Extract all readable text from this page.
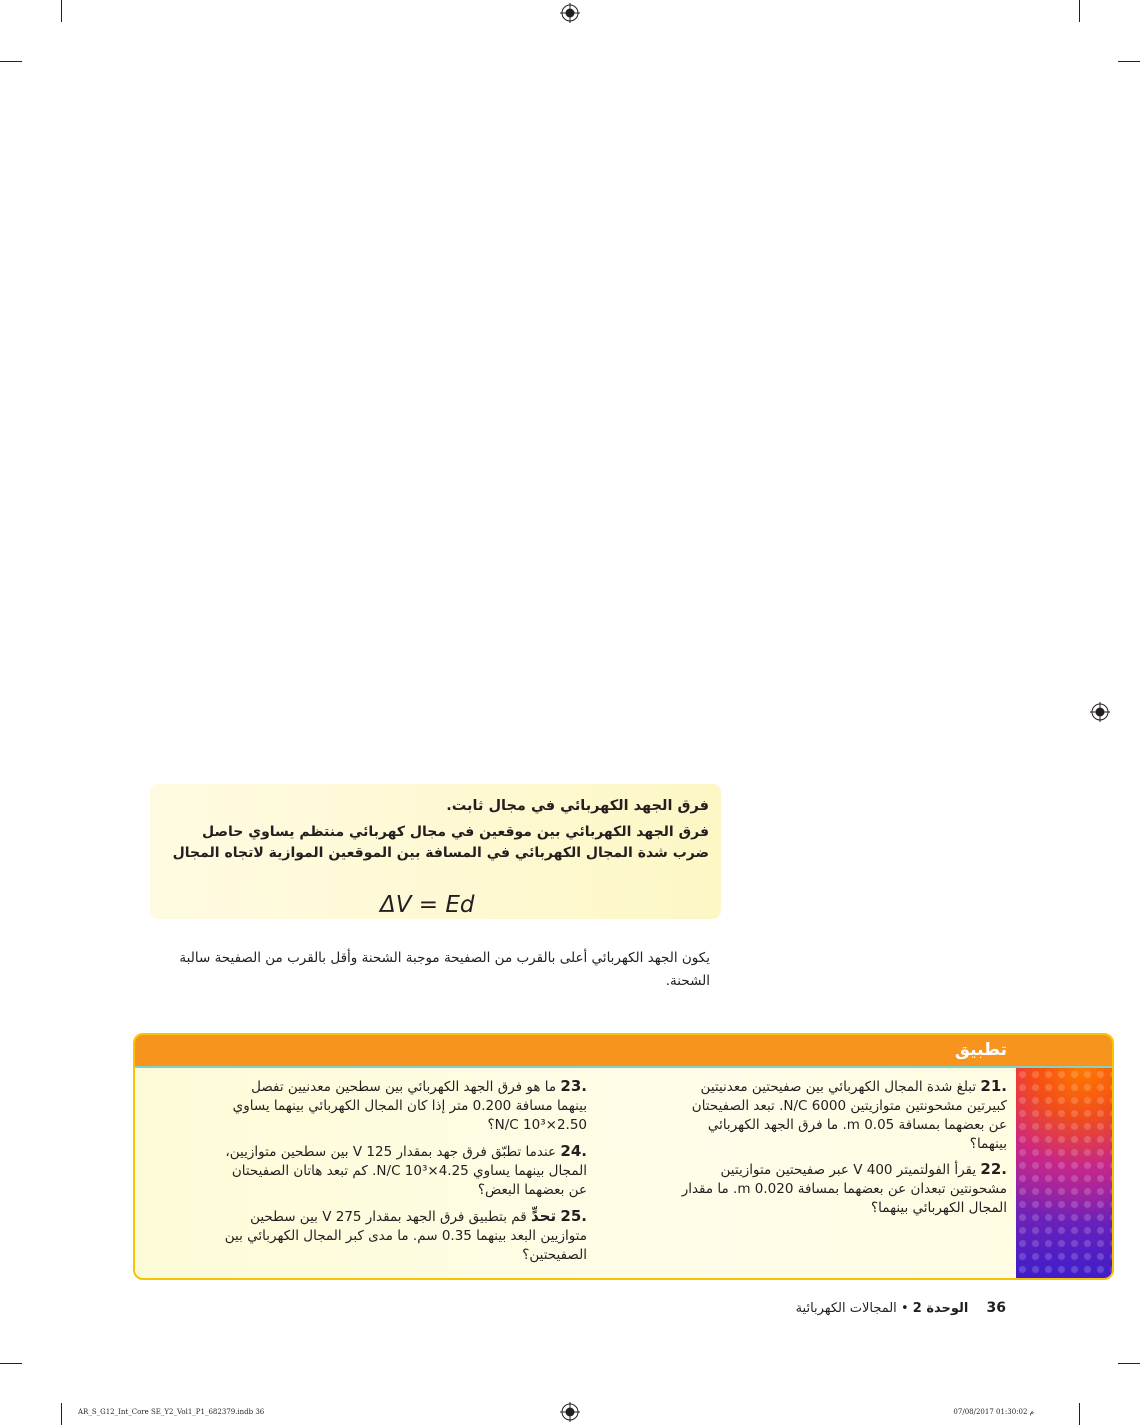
فرق الجهد الكهربائي في مجال ثابت.
فرق الجهد الكهربائي بين موقعين في مجال كهربائي منتظم يساوي حاصل ضرب شدة المجال الكهربائي في المسافة بين الموقعين الموازية لاتجاه المجال
ΔV = Ed
يكون الجهد الكهربائي أعلى بالقرب من الصفيحة موجبة الشحنة وأقل بالقرب من الصفيحة سالبة الشحنة.
تطبيق
.21 تبلغ شدة المجال الكهربائي بين صفيحتين معدنيتين كبيرتين مشحونتين متوازيتين N/C 6000. تبعد الصفيحتان عن بعضهما بمسافة m 0.05. ما فرق الجهد الكهربائي بينهما؟
.22 يقرأ الفولتميتر V 400 عبر صفيحتين متوازيتين مشحونتين تبعدان عن بعضهما بمسافة m 0.020. ما مقدار المجال الكهربائي بينهما؟
.23 ما هو فرق الجهد الكهربائي بين سطحين معدنيين تفصل بينهما مسافة 0.200 متر إذا كان المجال الكهربائي بينهما يساوي 2.50×10³ N/C؟
.24 عندما تطبّق فرق جهد بمقدار V 125 بين سطحين متوازيين، المجال بينهما يساوي 4.25×10³ N/C. كم تبعد هاتان الصفيحتان عن بعضهما البعض؟
.25 تحدٍّ قم بتطبيق فرق الجهد بمقدار V 275 بين سطحين متوازيين البعد بينهما 0.35 سم. ما مدى كبر المجال الكهربائي بين الصفيحتين؟
36 الوحدة 2 • المجالات الكهربائية
AR_S_G12_Int_Core SE_Y2_Vol1_P1_682379.indb 36	07/08/2017 01:30:02 م
